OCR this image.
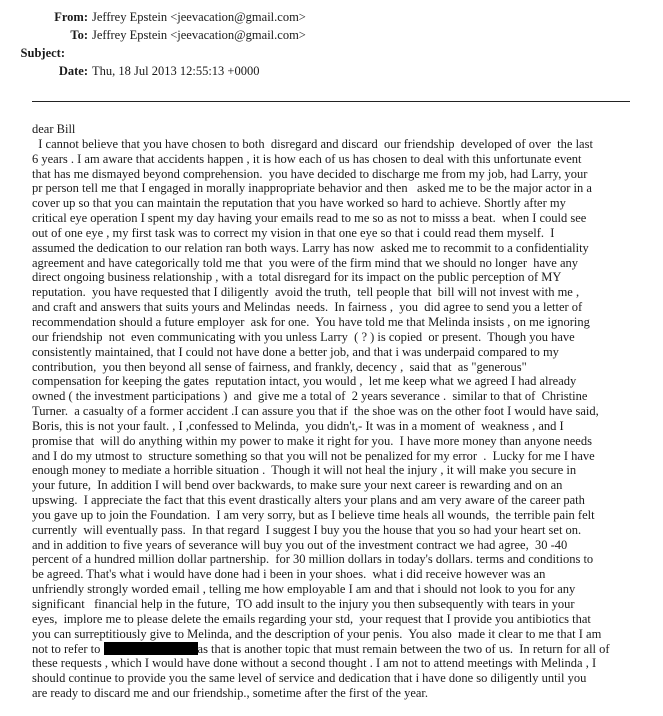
From: Jeffrey Epstein <jeevacation@gmail.com>
To: Jeffrey Epstein <jeevacation@gmail.com>
Subject:
Date: Thu, 18 Jul 2013 12:55:13 +0000
dear Bill
I cannot believe that you have chosen to both  disregard and discard  our friendship  developed of over  the last
6 years . I am aware that accidents happen , it is how each of us has chosen to deal with this unfortunate event
that has me dismayed beyond comprehension.  you have decided to discharge me from my job, had Larry, your
pr person tell me that I engaged in morally inappropriate behavior and then   asked me to be the major actor in a
cover up so that you can maintain the reputation that you have worked so hard to achieve. Shortly after my
critical eye operation I spent my day having your emails read to me so as not to misss a beat.  when I could see
out of one eye , my first task was to correct my vision in that one eye so that i could read them myself.  I
assumed the dedication to our relation ran both ways. Larry has now  asked me to recommit to a confidentiality
agreement and have categorically told me that  you were of the firm mind that we should no longer  have any
direct ongoing business relationship , with a  total disregard for its impact on the public perception of MY
reputation.  you have requested that I diligently  avoid the truth,  tell people that  bill will not invest with me ,
and craft and answers that suits yours and Melindas  needs.  In fairness ,  you  did agree to send you a letter of
recommendation should a future employer  ask for one.  You have told me that Melinda insists , on me ignoring
our friendship  not  even communicating with you unless Larry  ( ? ) is copied  or present.  Though you have
consistently maintained, that I could not have done a better job, and that i was underpaid compared to my
contribution,  you then beyond all sense of fairness, and frankly, decency ,  said that  as "generous"
compensation for keeping the gates  reputation intact, you would ,  let me keep what we agreed I had already
owned ( the investment participations )  and  give me a total of  2 years severance .  similar to that of  Christine
Turner.  a casualty of a former accident .I can assure you that if  the shoe was on the other foot I would have said,
Boris, this is not your fault. , I ,confessed to Melinda,  you didn't,- It was in a moment of  weakness , and I
promise that  will do anything within my power to make it right for you.  I have more money than anyone needs
and I do my utmost to  structure something so that you will not be penalized for my error  .  Lucky for me I have
enough money to mediate a horrible situation .  Though it will not heal the injury , it will make you secure in
your future,  In addition I will bend over backwards, to make sure your next career is rewarding and on an
upswing.  I appreciate the fact that this event drastically alters your plans and am very aware of the career path
you gave up to join the Foundation.  I am very sorry, but as I believe time heals all wounds,  the terrible pain felt
currently  will eventually pass.  In that regard  I suggest I buy you the house that you so had your heart set on.
and in addition to five years of severance will buy you out of the investment contract we had agree,  30 -40
percent of a hundred million dollar partnership.  for 30 million dollars in today's dollars. terms and conditions to
be agreed. That's what i would have done had i been in your shoes.  what i did receive however was an
unfriendly strongly worded email , telling me how employable I am and that i should not look to you for any
significant   financial help in the future,  TO add insult to the injury you then subsequently with tears in your
eyes,  implore me to please delete the emails regarding your std,  your request that I provide you antibiotics that
you can surreptitiously give to Melinda, and the description of your penis.  You also  made it clear to me that I am
not to refer to	as that is another topic that must remain between the two of us.  In return for all of
these requests , which I would have done without a second thought . I am not to attend meetings with Melinda , I
should continue to provide you the same level of service and dedication that i have done so diligently until you
are ready to discard me and our friendship., sometime after the first of the year.
